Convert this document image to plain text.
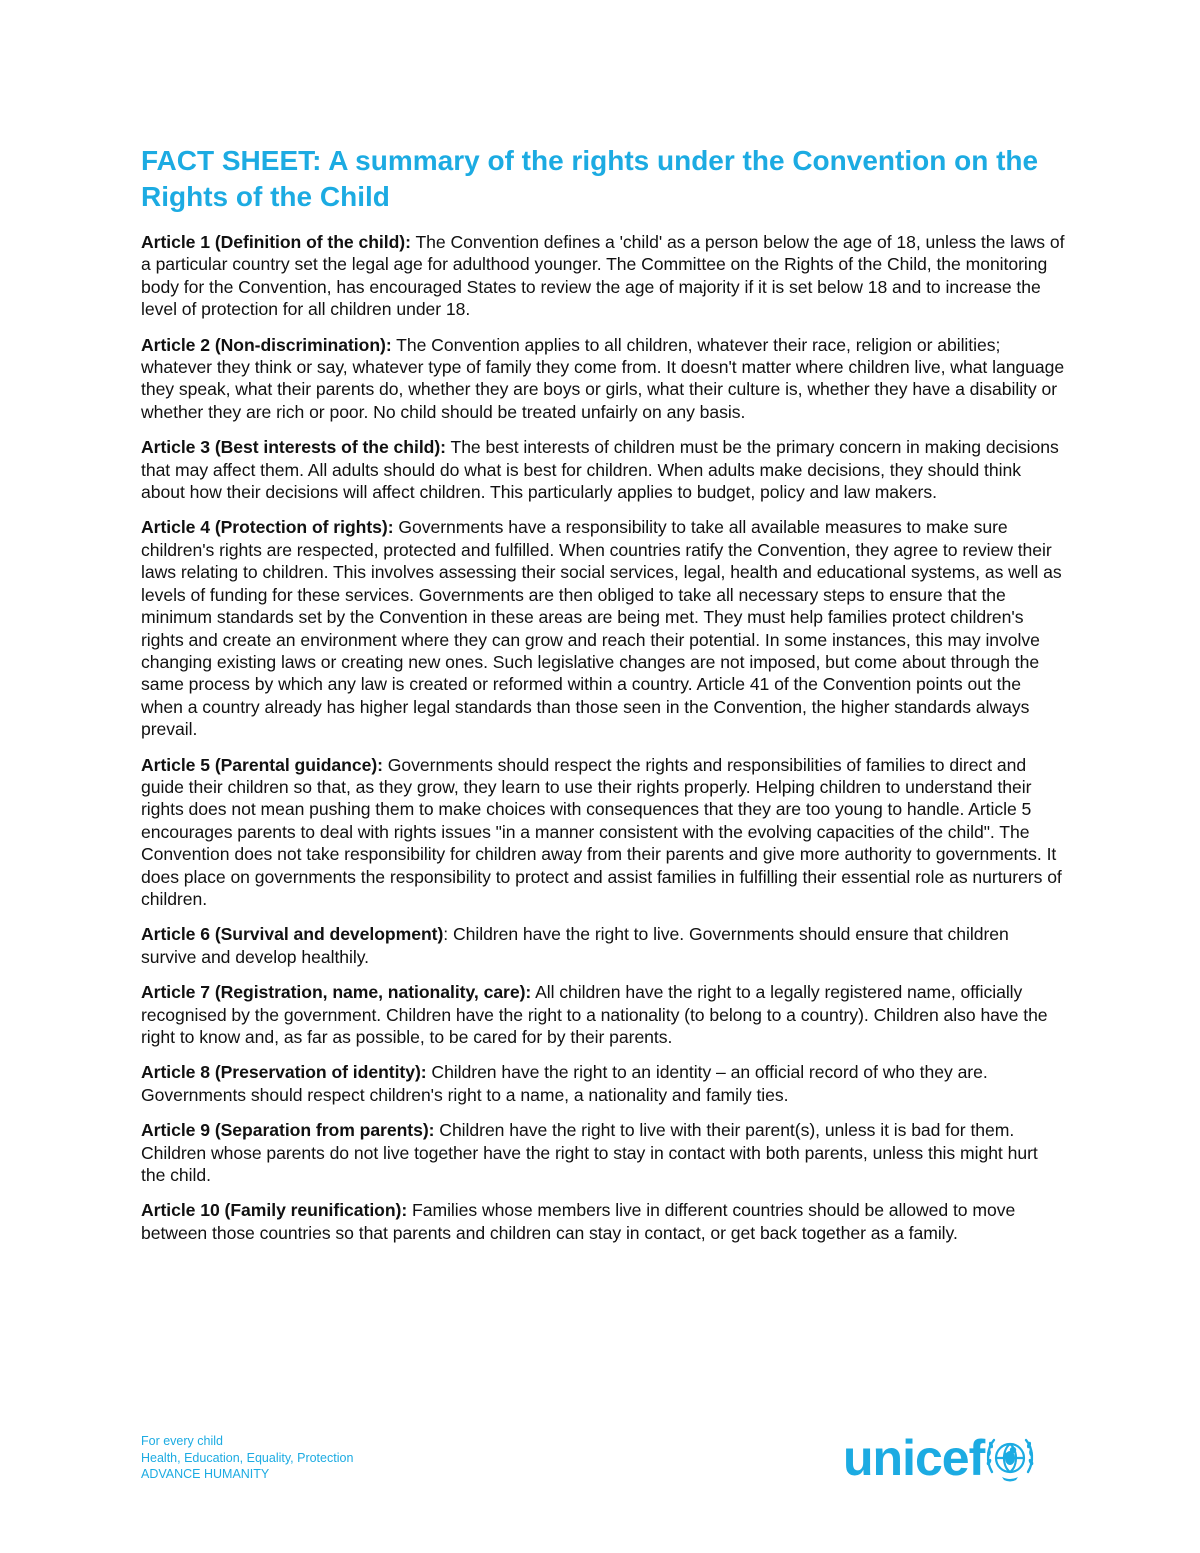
FACT SHEET: A summary of the rights under the Convention on the Rights of the Child

Article 1 (Definition of the child): The Convention defines a 'child' as a person below the age of 18, unless the laws of a particular country set the legal age for adulthood younger. The Committee on the Rights of the Child, the monitoring body for the Convention, has encouraged States to review the age of majority if it is set below 18 and to increase the level of protection for all children under 18.

Article 2 (Non-discrimination): The Convention applies to all children, whatever their race, religion or abilities; whatever they think or say, whatever type of family they come from. It doesn't matter where children live, what language they speak, what their parents do, whether they are boys or girls, what their culture is, whether they have a disability or whether they are rich or poor. No child should be treated unfairly on any basis.

Article 3 (Best interests of the child): The best interests of children must be the primary concern in making decisions that may affect them. All adults should do what is best for children. When adults make decisions, they should think about how their decisions will affect children. This particularly applies to budget, policy and law makers.

Article 4 (Protection of rights): Governments have a responsibility to take all available measures to make sure children's rights are respected, protected and fulfilled. When countries ratify the Convention, they agree to review their laws relating to children. This involves assessing their social services, legal, health and educational systems, as well as levels of funding for these services. Governments are then obliged to take all necessary steps to ensure that the minimum standards set by the Convention in these areas are being met. They must help families protect children's rights and create an environment where they can grow and reach their potential. In some instances, this may involve changing existing laws or creating new ones. Such legislative changes are not imposed, but come about through the same process by which any law is created or reformed within a country. Article 41 of the Convention points out the when a country already has higher legal standards than those seen in the Convention, the higher standards always prevail.

Article 5 (Parental guidance): Governments should respect the rights and responsibilities of families to direct and guide their children so that, as they grow, they learn to use their rights properly. Helping children to understand their rights does not mean pushing them to make choices with consequences that they are too young to handle. Article 5 encourages parents to deal with rights issues "in a manner consistent with the evolving capacities of the child". The Convention does not take responsibility for children away from their parents and give more authority to governments. It does place on governments the responsibility to protect and assist families in fulfilling their essential role as nurturers of children.

Article 6 (Survival and development): Children have the right to live. Governments should ensure that children survive and develop healthily.

Article 7 (Registration, name, nationality, care): All children have the right to a legally registered name, officially recognised by the government. Children have the right to a nationality (to belong to a country). Children also have the right to know and, as far as possible, to be cared for by their parents.

Article 8 (Preservation of identity): Children have the right to an identity – an official record of who they are. Governments should respect children's right to a name, a nationality and family ties.

Article 9 (Separation from parents): Children have the right to live with their parent(s), unless it is bad for them. Children whose parents do not live together have the right to stay in contact with both parents, unless this might hurt the child.

Article 10 (Family reunification): Families whose members live in different countries should be allowed to move between those countries so that parents and children can stay in contact, or get back together as a family.

For every child
Health, Education, Equality, Protection
ADVANCE HUMANITY	unicef
